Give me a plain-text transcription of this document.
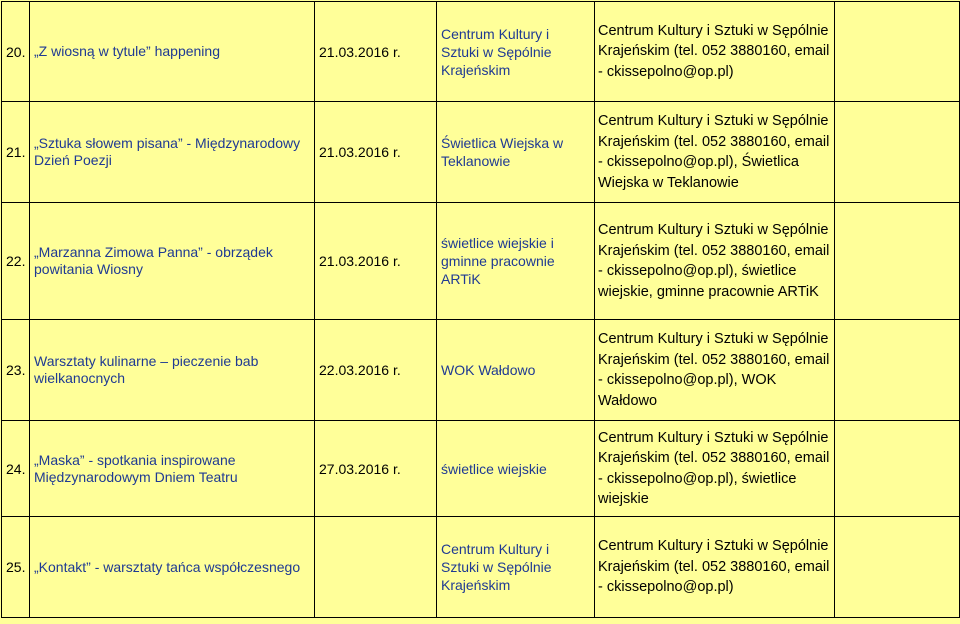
20.	„Z wiosną w tytule” happening	21.03.2016 r.	Centrum Kultury i Sztuki w Sępólnie Krajeńskim	Centrum Kultury i Sztuki w Sępólnie Krajeńskim (tel. 052 3880160, email - ckissepolno@op.pl)	
21.	„Sztuka słowem pisana” - Międzynarodowy Dzień Poezji	21.03.2016 r.	Świetlica Wiejska w Teklanowie	Centrum Kultury i Sztuki w Sępólnie Krajeńskim (tel. 052 3880160, email - ckissepolno@op.pl), Świetlica Wiejska w Teklanowie	
22.	„Marzanna Zimowa Panna” - obrządek powitania Wiosny	21.03.2016 r.	świetlice wiejskie i gminne pracownie ARTiK	Centrum Kultury i Sztuki w Sępólnie Krajeńskim (tel. 052 3880160, email - ckissepolno@op.pl), świetlice wiejskie, gminne pracownie ARTiK	
23.	Warsztaty kulinarne – pieczenie bab wielkanocnych	22.03.2016 r.	WOK Wałdowo	Centrum Kultury i Sztuki w Sępólnie Krajeńskim (tel. 052 3880160, email - ckissepolno@op.pl), WOK Wałdowo	
24.	„Maska” - spotkania inspirowane Międzynarodowym Dniem Teatru	27.03.2016 r.	świetlice wiejskie	Centrum Kultury i Sztuki w Sępólnie Krajeńskim (tel. 052 3880160, email - ckissepolno@op.pl), świetlice wiejskie	
25.	„Kontakt” - warsztaty tańca współczesnego		Centrum Kultury i Sztuki w Sępólnie Krajeńskim	Centrum Kultury i Sztuki w Sępólnie Krajeńskim (tel. 052 3880160, email - ckissepolno@op.pl)	
